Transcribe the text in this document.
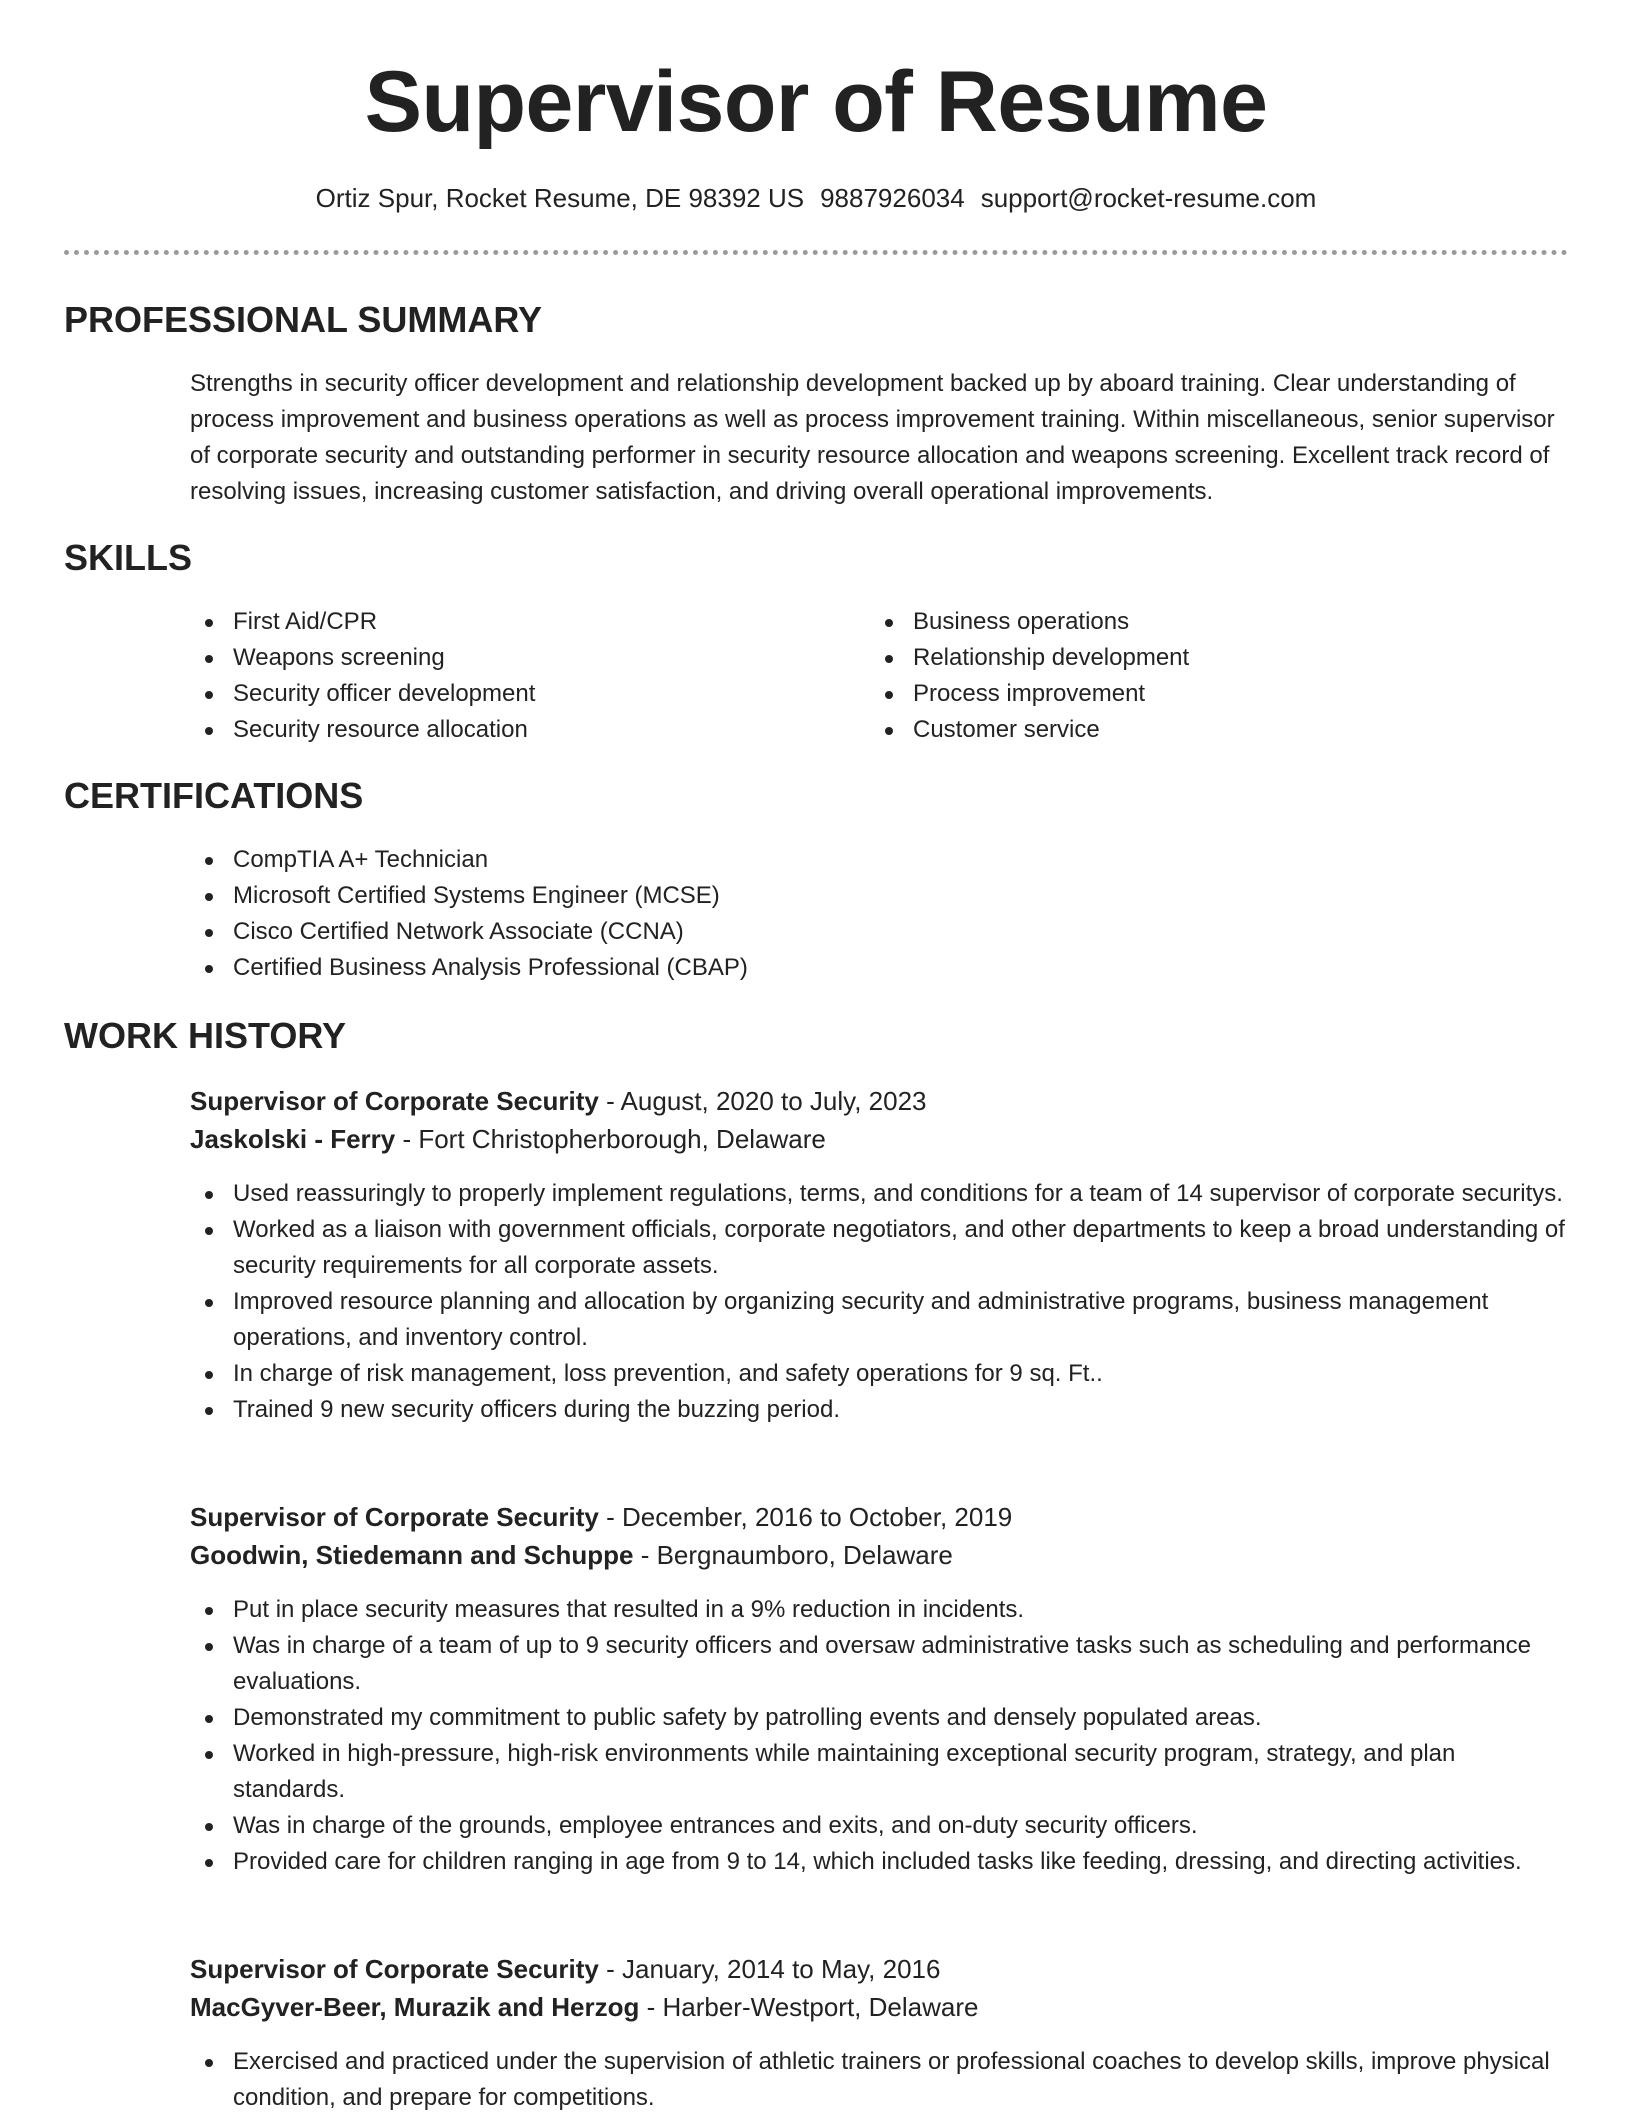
Supervisor of Resume
Ortiz Spur, Rocket Resume, DE 98392 US 9887926034 support@rocket-resume.com
PROFESSIONAL SUMMARY
Strengths in security officer development and relationship development backed up by aboard training. Clear understanding of process improvement and business operations as well as process improvement training. Within miscellaneous, senior supervisor of corporate security and outstanding performer in security resource allocation and weapons screening. Excellent track record of resolving issues, increasing customer satisfaction, and driving overall operational improvements.
SKILLS
First Aid/CPR
Weapons screening
Security officer development
Security resource allocation
Business operations
Relationship development
Process improvement
Customer service
CERTIFICATIONS
CompTIA A+ Technician
Microsoft Certified Systems Engineer (MCSE)
Cisco Certified Network Associate (CCNA)
Certified Business Analysis Professional (CBAP)
WORK HISTORY
Supervisor of Corporate Security - August, 2020 to July, 2023
Jaskolski - Ferry - Fort Christopherborough, Delaware
Used reassuringly to properly implement regulations, terms, and conditions for a team of 14 supervisor of corporate securitys.
Worked as a liaison with government officials, corporate negotiators, and other departments to keep a broad understanding of security requirements for all corporate assets.
Improved resource planning and allocation by organizing security and administrative programs, business management operations, and inventory control.
In charge of risk management, loss prevention, and safety operations for 9 sq. Ft..
Trained 9 new security officers during the buzzing period.
Supervisor of Corporate Security - December, 2016 to October, 2019
Goodwin, Stiedemann and Schuppe - Bergnaumboro, Delaware
Put in place security measures that resulted in a 9% reduction in incidents.
Was in charge of a team of up to 9 security officers and oversaw administrative tasks such as scheduling and performance evaluations.
Demonstrated my commitment to public safety by patrolling events and densely populated areas.
Worked in high-pressure, high-risk environments while maintaining exceptional security program, strategy, and plan standards.
Was in charge of the grounds, employee entrances and exits, and on-duty security officers.
Provided care for children ranging in age from 9 to 14, which included tasks like feeding, dressing, and directing activities.
Supervisor of Corporate Security - January, 2014 to May, 2016
MacGyver-Beer, Murazik and Herzog - Harber-Westport, Delaware
Exercised and practiced under the supervision of athletic trainers or professional coaches to develop skills, improve physical condition, and prepare for competitions.
